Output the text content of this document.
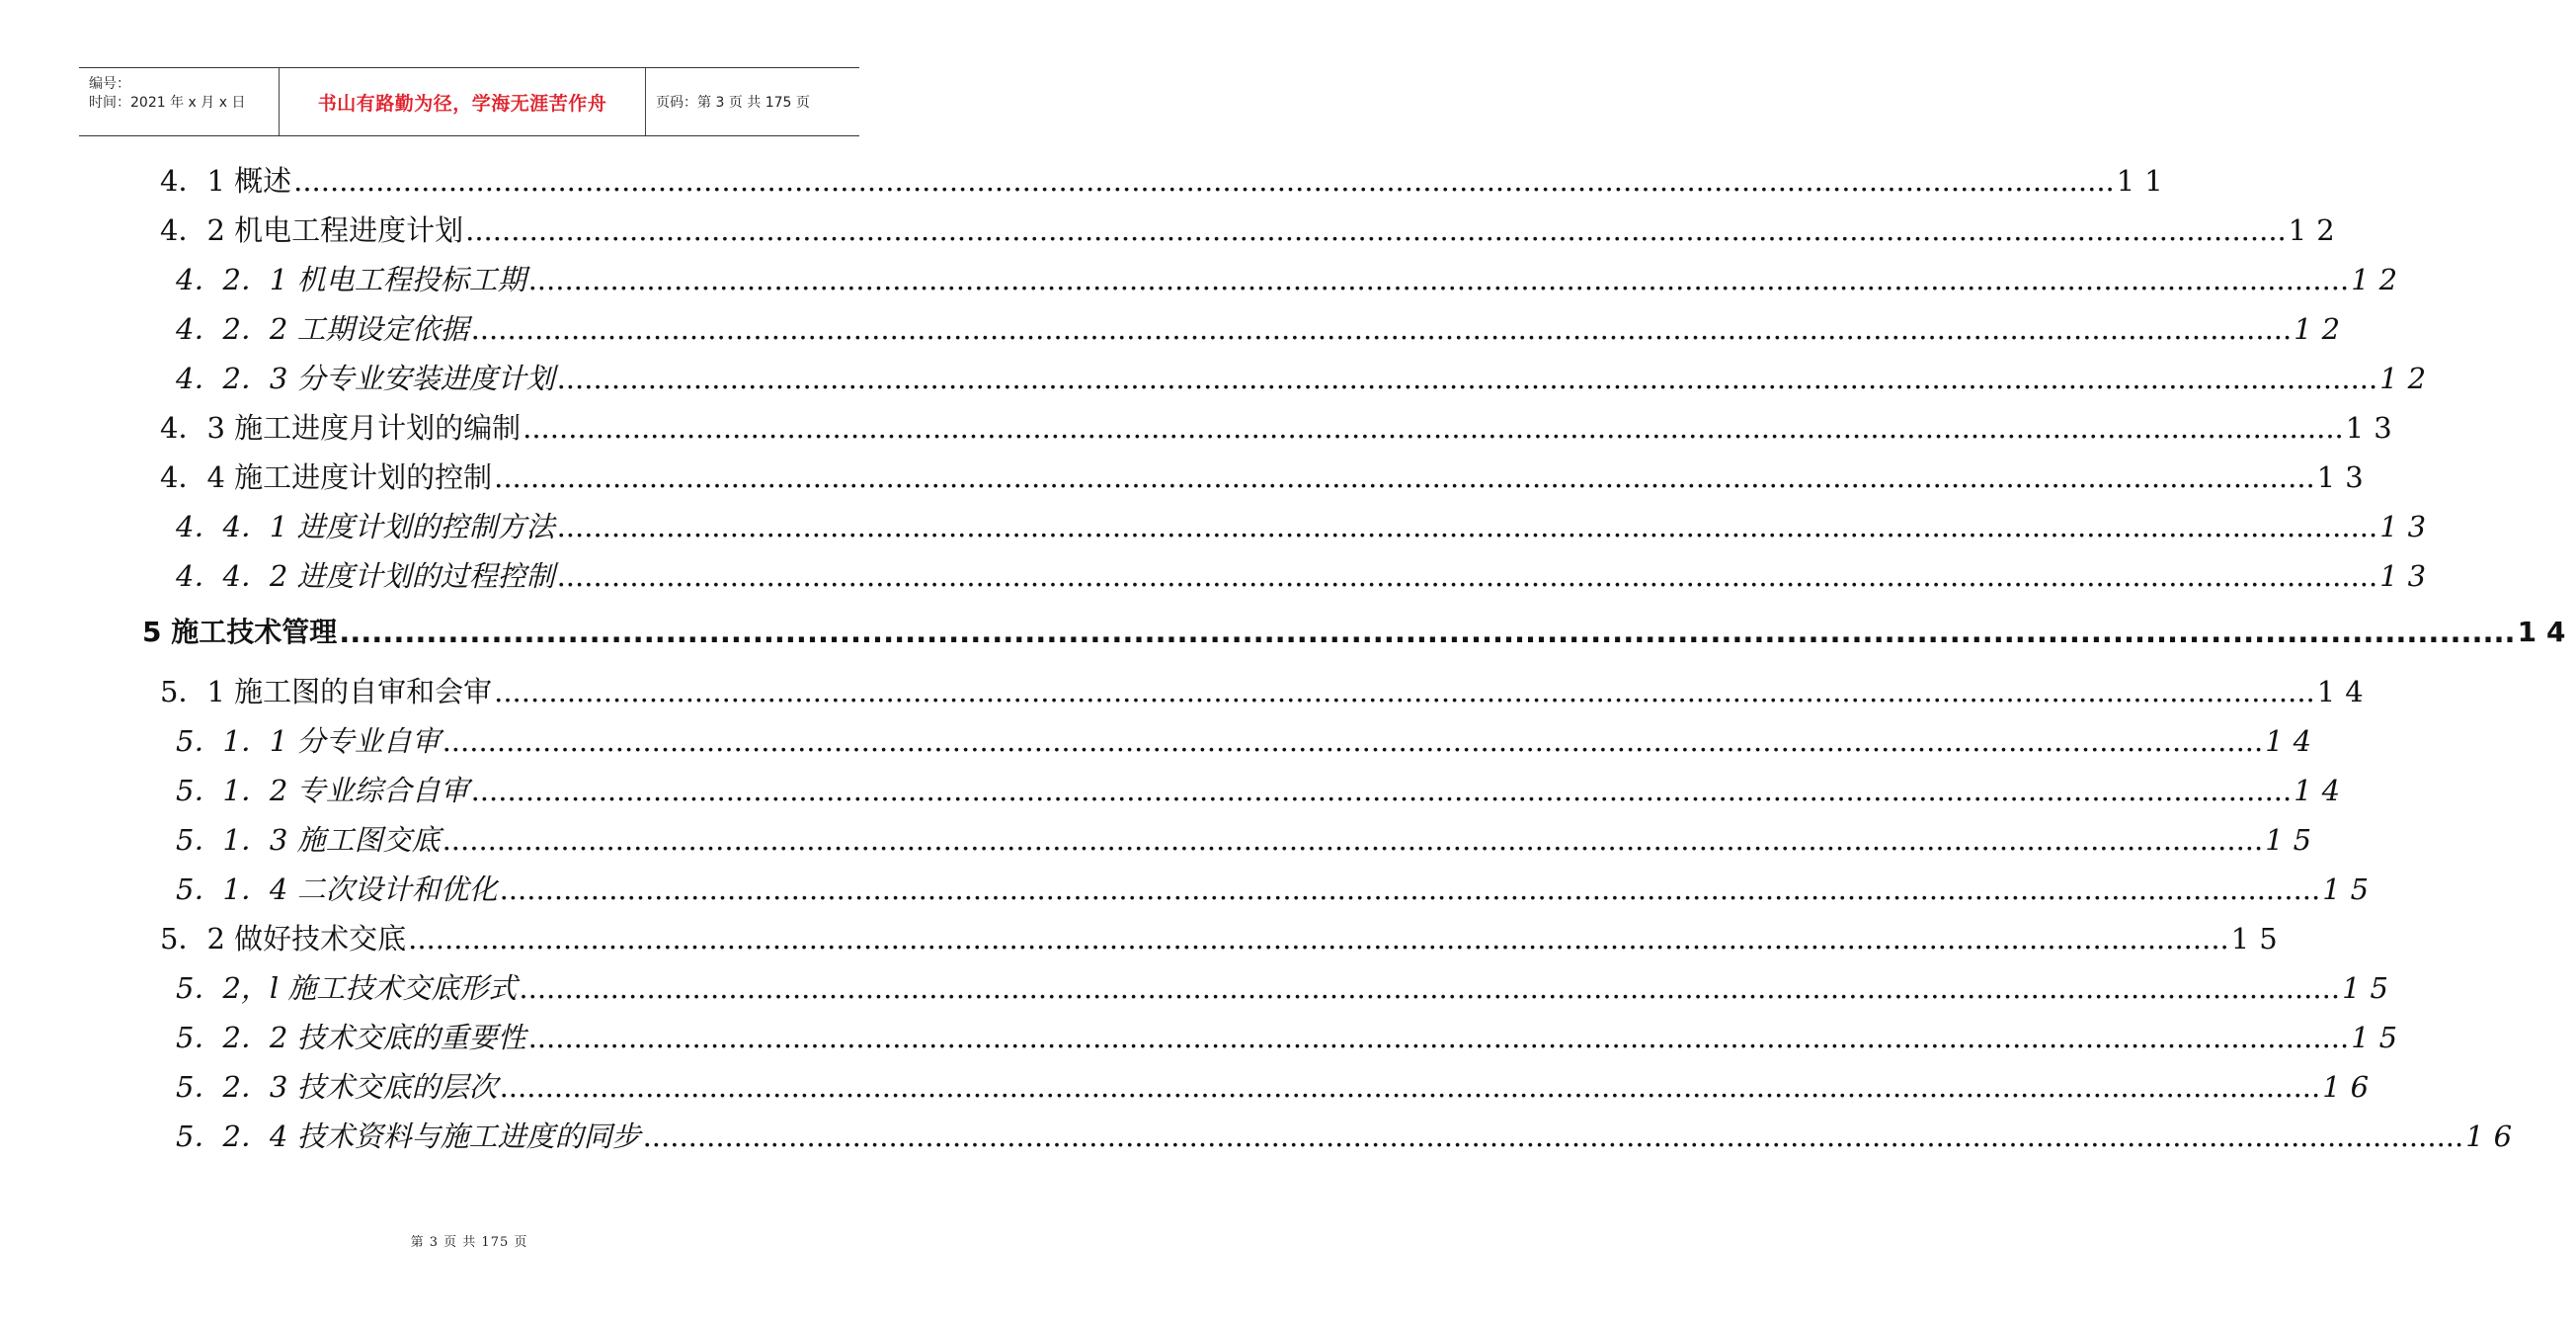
编号：
时间：2021 年 x 月 x 日	书山有路勤为径，学海无涯苦作舟	页码：第 3 页 共 175 页
4．1 概述 ........................................................................................................................................................................................................ 11
4．2 机电工程进度计划 ........................................................................................................................................................................................................ 12
4．2．1 机电工程投标工期 ........................................................................................................................................................................................................ 12
4．2．2 工期设定依据 ........................................................................................................................................................................................................ 12
4．2．3 分专业安装进度计划 ........................................................................................................................................................................................................ 12
4．3 施工进度月计划的编制 ........................................................................................................................................................................................................ 13
4．4 施工进度计划的控制 ........................................................................................................................................................................................................ 13
4．4．1 进度计划的控制方法 ........................................................................................................................................................................................................ 13
4．4．2 进度计划的过程控制 ........................................................................................................................................................................................................ 13
5 施工技术管理 ........................................................................................................................................................................................................ 14
5．1 施工图的自审和会审 ........................................................................................................................................................................................................ 14
5．1．1 分专业自审 ........................................................................................................................................................................................................ 14
5．1．2 专业综合自审 ........................................................................................................................................................................................................ 14
5．1．3 施工图交底 ........................................................................................................................................................................................................ 15
5．1．4 二次设计和优化 ........................................................................................................................................................................................................ 15
5．2 做好技术交底 ........................................................................................................................................................................................................ 15
5．2，l 施工技术交底形式 ........................................................................................................................................................................................................ 15
5．2．2 技术交底的重要性 ........................................................................................................................................................................................................ 15
5．2．3 技术交底的层次 ........................................................................................................................................................................................................ 16
5．2．4 技术资料与施工进度的同步 ........................................................................................................................................................................................................ 16
第 3 页 共 175 页
